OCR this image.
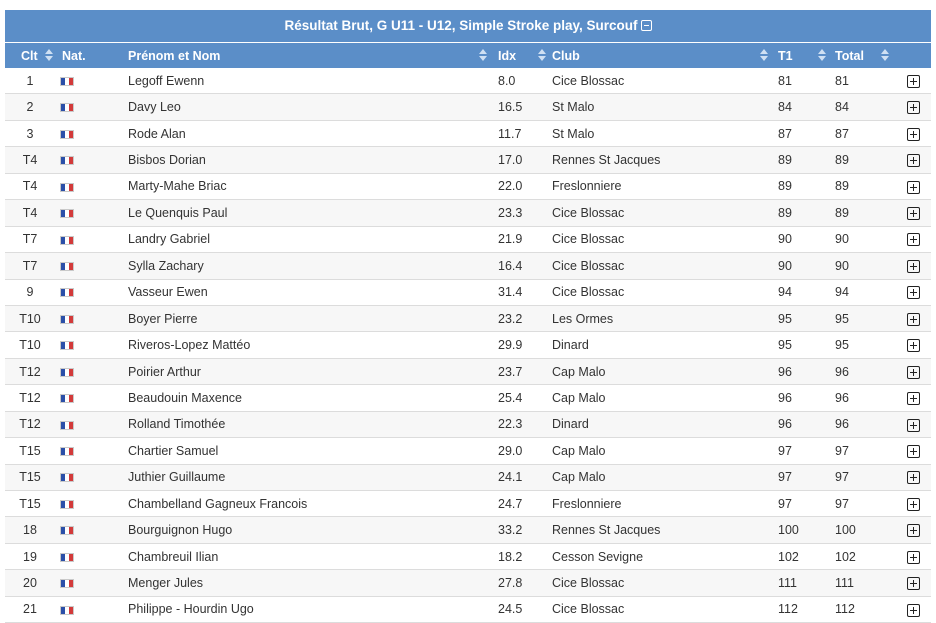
Résultat Brut, G U11 - U12, Simple Stroke play, Surcouf
Clt	Nat.	Prénom et Nom	Idx	Club	T1	Total

1		Legoff Ewenn	8.0	Cice Blossac	81	81	
2		Davy Leo	16.5	St Malo	84	84	
3		Rode Alan	11.7	St Malo	87	87	
T4		Bisbos Dorian	17.0	Rennes St Jacques	89	89	
T4		Marty-Mahe Briac	22.0	Freslonniere	89	89	
T4		Le Quenquis Paul	23.3	Cice Blossac	89	89	
T7		Landry Gabriel	21.9	Cice Blossac	90	90	
T7		Sylla Zachary	16.4	Cice Blossac	90	90	
9		Vasseur Ewen	31.4	Cice Blossac	94	94	
T10		Boyer Pierre	23.2	Les Ormes	95	95	
T10		Riveros-Lopez Mattéo	29.9	Dinard	95	95	
T12		Poirier Arthur	23.7	Cap Malo	96	96	
T12		Beaudouin Maxence	25.4	Cap Malo	96	96	
T12		Rolland Timothée	22.3	Dinard	96	96	
T15		Chartier Samuel	29.0	Cap Malo	97	97	
T15		Juthier Guillaume	24.1	Cap Malo	97	97	
T15		Chambelland Gagneux Francois	24.7	Freslonniere	97	97	
18		Bourguignon Hugo	33.2	Rennes St Jacques	100	100	
19		Chambreuil Ilian	18.2	Cesson Sevigne	102	102	
20		Menger Jules	27.8	Cice Blossac	111	111	
21		Philippe - Hourdin Ugo	24.5	Cice Blossac	112	112	
